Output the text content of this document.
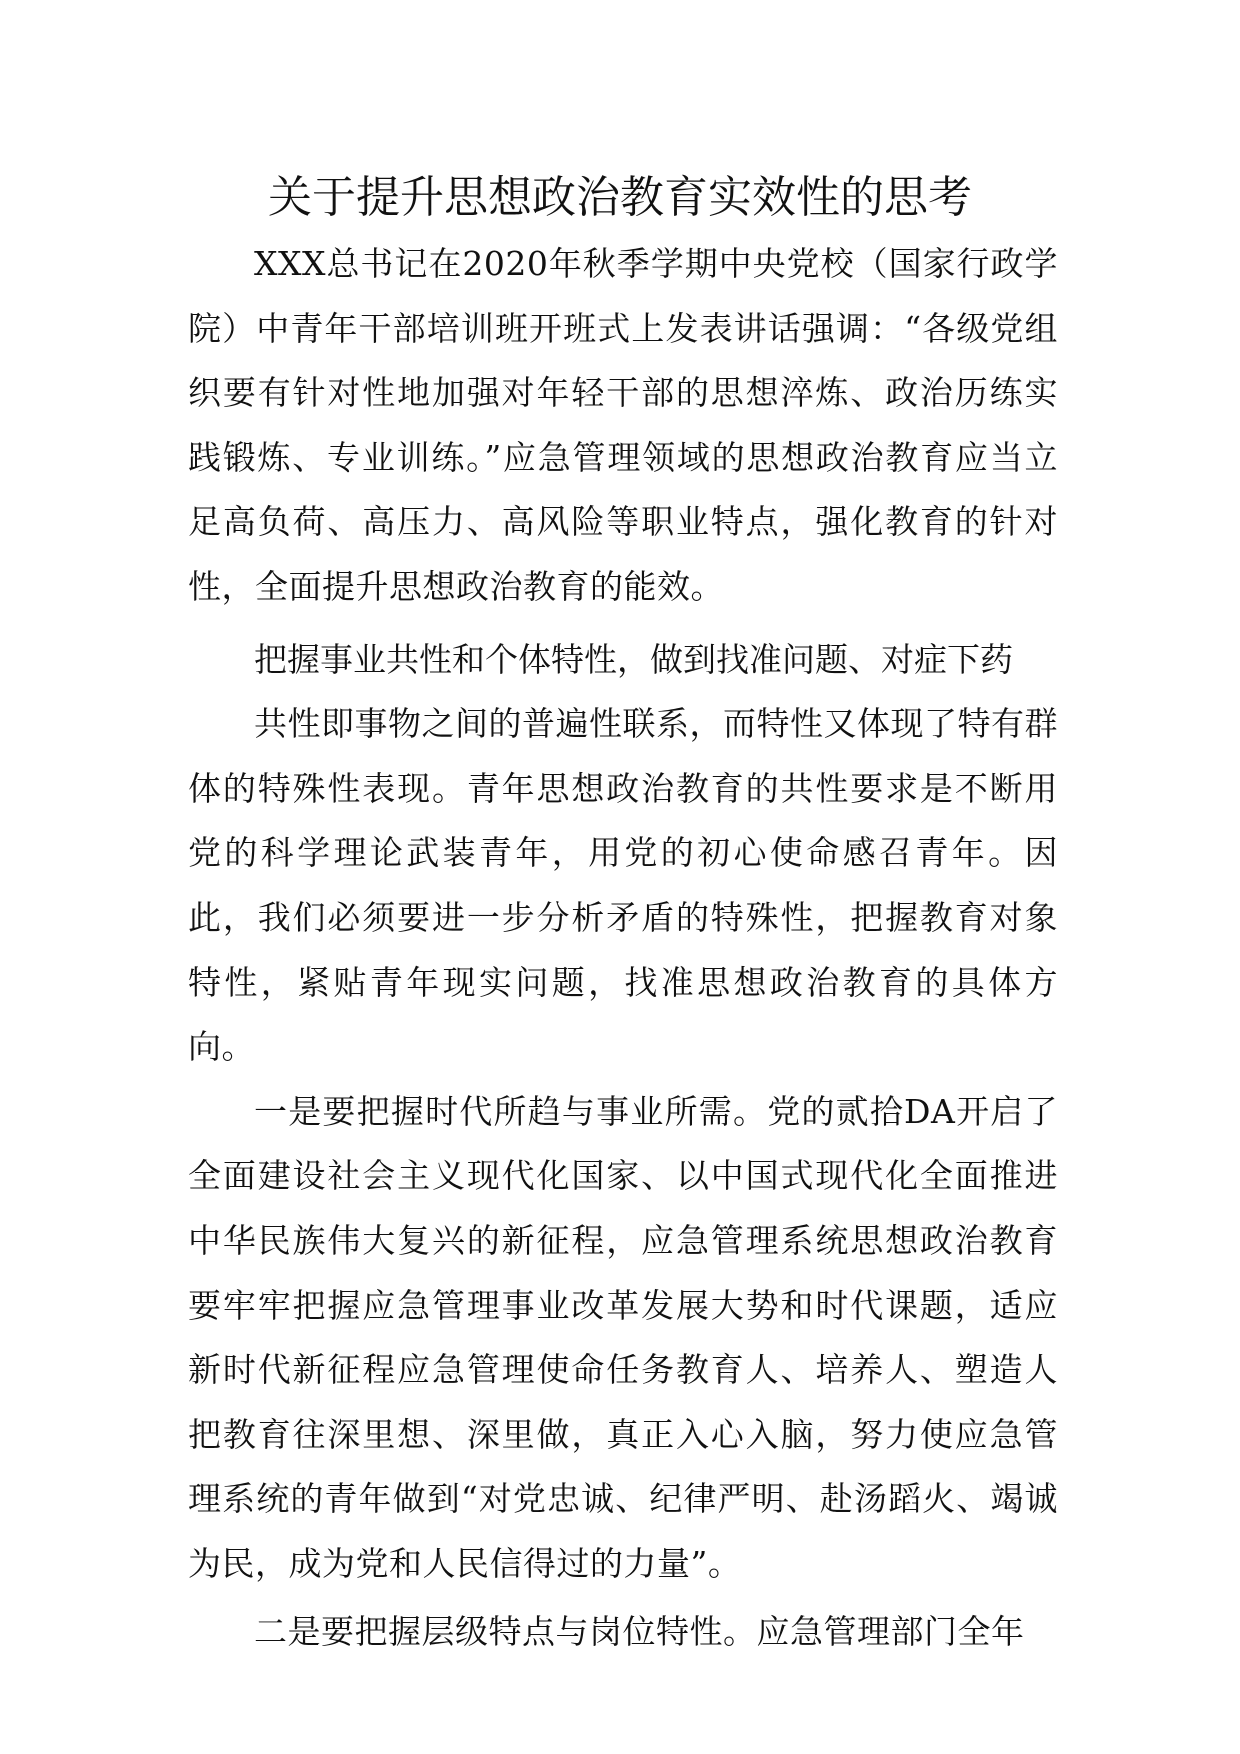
关于提升思想政治教育实效性的思考

XXX总书记在2020年秋季学期中央党校（国家行政学院）中青年干部培训班开班式上发表讲话强调：“各级党组织要有针对性地加强对年轻干部的思想淬炼、政治历练实践锻炼、专业训练。”应急管理领域的思想政治教育应当立足高负荷、高压力、高风险等职业特点，强化教育的针对性，全面提升思想政治教育的能效。

把握事业共性和个体特性，做到找准问题、对症下药

共性即事物之间的普遍性联系，而特性又体现了特有群体的特殊性表现。青年思想政治教育的共性要求是不断用党的科学理论武装青年，用党的初心使命感召青年。因此，我们必须要进一步分析矛盾的特殊性，把握教育对象特性，紧贴青年现实问题，找准思想政治教育的具体方向。

一是要把握时代所趋与事业所需。党的贰拾DA开启了全面建设社会主义现代化国家、以中国式现代化全面推进中华民族伟大复兴的新征程，应急管理系统思想政治教育要牢牢把握应急管理事业改革发展大势和时代课题，适应新时代新征程应急管理使命任务教育人、培养人、塑造人把教育往深里想、深里做，真正入心入脑，努力使应急管理系统的青年做到“对党忠诚、纪律严明、赴汤蹈火、竭诚为民，成为党和人民信得过的力量”。

二是要把握层级特点与岗位特性。应急管理部门全年
